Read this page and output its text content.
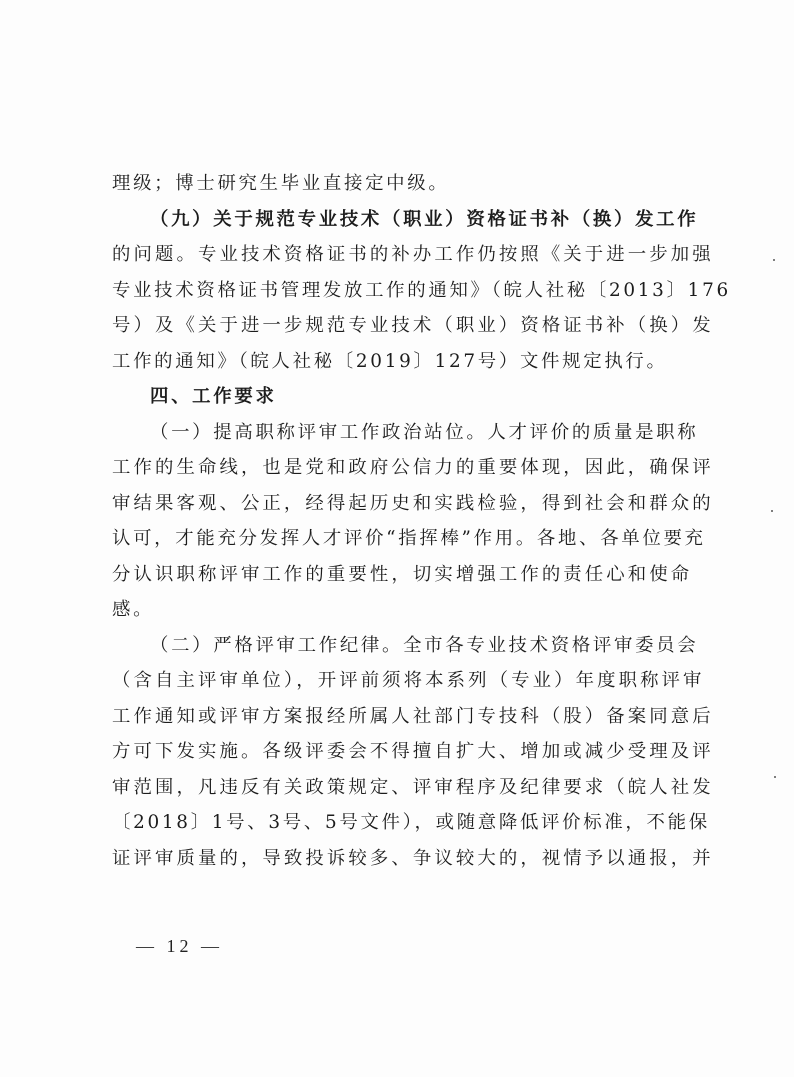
理级；博士研究生毕业直接定中级。
（九）关于规范专业技术（职业）资格证书补（换）发工作
的问题。专业技术资格证书的补办工作仍按照《关于进一步加强
专业技术资格证书管理发放工作的通知》（皖人社秘〔2013〕176
号）及《关于进一步规范专业技术（职业）资格证书补（换）发
工作的通知》（皖人社秘〔2019〕127号）文件规定执行。
四、工作要求
（一）提高职称评审工作政治站位。人才评价的质量是职称
工作的生命线，也是党和政府公信力的重要体现，因此，确保评
审结果客观、公正，经得起历史和实践检验，得到社会和群众的
认可，才能充分发挥人才评价“指挥棒”作用。各地、各单位要充
分认识职称评审工作的重要性，切实增强工作的责任心和使命
感。
（二）严格评审工作纪律。全市各专业技术资格评审委员会
（含自主评审单位），开评前须将本系列（专业）年度职称评审
工作通知或评审方案报经所属人社部门专技科（股）备案同意后
方可下发实施。各级评委会不得擅自扩大、增加或减少受理及评
审范围，凡违反有关政策规定、评审程序及纪律要求（皖人社发
〔2018〕1号、3号、5号文件），或随意降低评价标准，不能保
证评审质量的，导致投诉较多、争议较大的，视情予以通报，并
— 12 —
